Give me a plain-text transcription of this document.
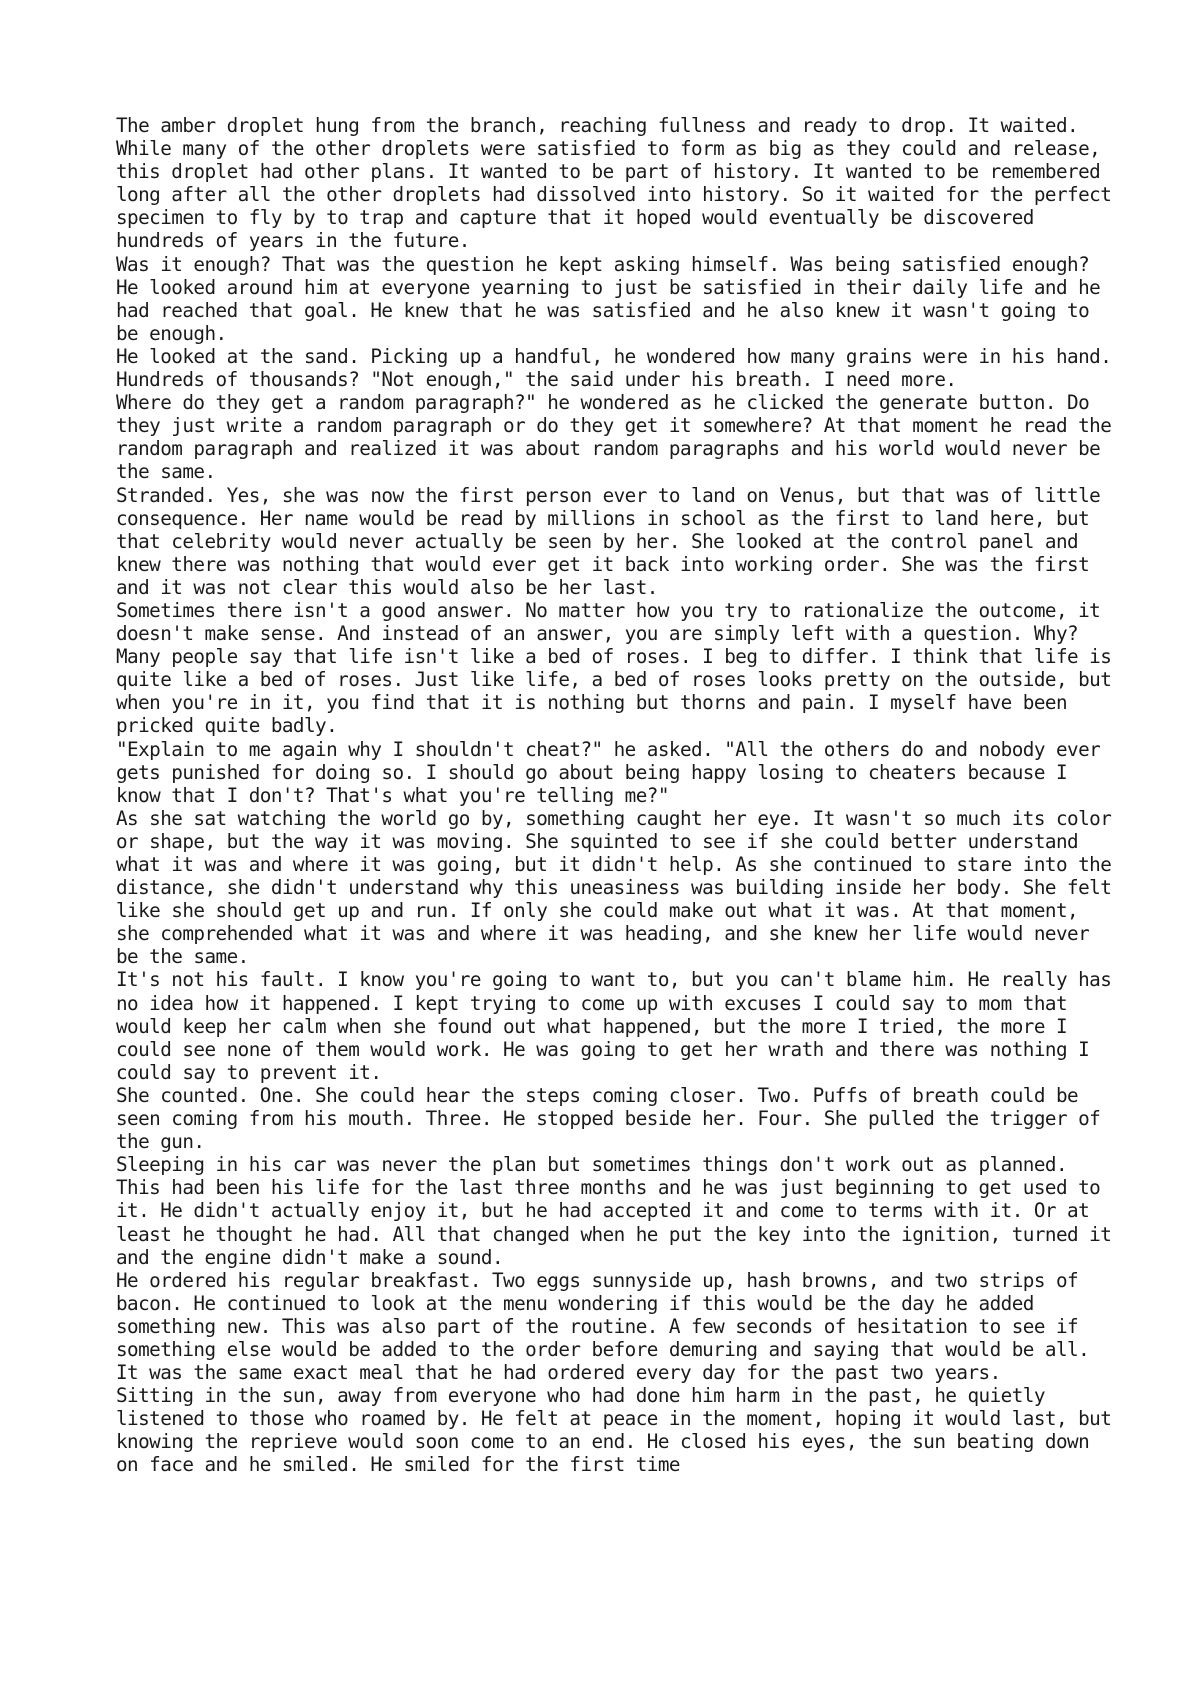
The amber droplet hung from the branch, reaching fullness and ready to drop. It waited. While many of the other droplets were satisfied to form as big as they could and release, this droplet had other plans. It wanted to be part of history. It wanted to be remembered long after all the other droplets had dissolved into history. So it waited for the perfect specimen to fly by to trap and capture that it hoped would eventually be discovered hundreds of years in the future.

Was it enough? That was the question he kept asking himself. Was being satisfied enough? He looked around him at everyone yearning to just be satisfied in their daily life and he had reached that goal. He knew that he was satisfied and he also knew it wasn't going to be enough.

He looked at the sand. Picking up a handful, he wondered how many grains were in his hand. Hundreds of thousands? "Not enough," the said under his breath. I need more.

Where do they get a random paragraph?" he wondered as he clicked the generate button. Do they just write a random paragraph or do they get it somewhere? At that moment he read the random paragraph and realized it was about random paragraphs and his world would never be the same.

Stranded. Yes, she was now the first person ever to land on Venus, but that was of little consequence. Her name would be read by millions in school as the first to land here, but that celebrity would never actually be seen by her. She looked at the control panel and knew there was nothing that would ever get it back into working order. She was the first and it was not clear this would also be her last.

Sometimes there isn't a good answer. No matter how you try to rationalize the outcome, it doesn't make sense. And instead of an answer, you are simply left with a question. Why?

Many people say that life isn't like a bed of roses. I beg to differ. I think that life is quite like a bed of roses. Just like life, a bed of roses looks pretty on the outside, but when you're in it, you find that it is nothing but thorns and pain. I myself have been pricked quite badly.

"Explain to me again why I shouldn't cheat?" he asked. "All the others do and nobody ever gets punished for doing so. I should go about being happy losing to cheaters because I know that I don't? That's what you're telling me?"

As she sat watching the world go by, something caught her eye. It wasn't so much its color or shape, but the way it was moving. She squinted to see if she could better understand what it was and where it was going, but it didn't help. As she continued to stare into the distance, she didn't understand why this uneasiness was building inside her body. She felt like she should get up and run. If only she could make out what it was. At that moment, she comprehended what it was and where it was heading, and she knew her life would never be the same.

It's not his fault. I know you're going to want to, but you can't blame him. He really has no idea how it happened. I kept trying to come up with excuses I could say to mom that would keep her calm when she found out what happened, but the more I tried, the more I could see none of them would work. He was going to get her wrath and there was nothing I could say to prevent it.

She counted. One. She could hear the steps coming closer. Two. Puffs of breath could be seen coming from his mouth. Three. He stopped beside her. Four. She pulled the trigger of the gun.

Sleeping in his car was never the plan but sometimes things don't work out as planned. This had been his life for the last three months and he was just beginning to get used to it. He didn't actually enjoy it, but he had accepted it and come to terms with it. Or at least he thought he had. All that changed when he put the key into the ignition, turned it and the engine didn't make a sound.

He ordered his regular breakfast. Two eggs sunnyside up, hash browns, and two strips of bacon. He continued to look at the menu wondering if this would be the day he added something new. This was also part of the routine. A few seconds of hesitation to see if something else would be added to the order before demuring and saying that would be all. It was the same exact meal that he had ordered every day for the past two years.

Sitting in the sun, away from everyone who had done him harm in the past, he quietly listened to those who roamed by. He felt at peace in the moment, hoping it would last, but knowing the reprieve would soon come to an end. He closed his eyes, the sun beating down on face and he smiled. He smiled for the first time
